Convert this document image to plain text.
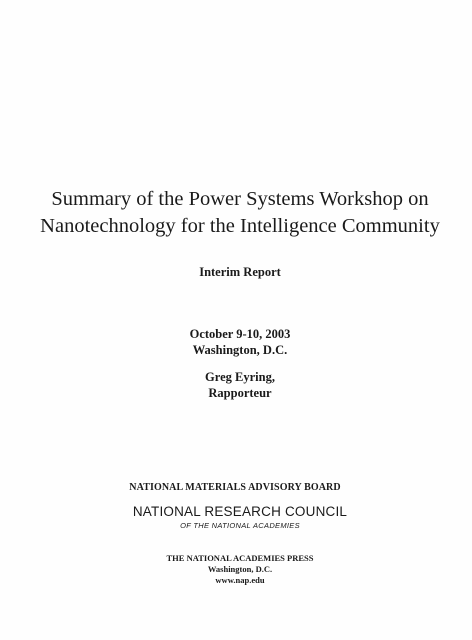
Summary of the Power Systems Workshop on
Nanotechnology for the Intelligence Community
Interim Report
October 9-10, 2003
Washington, D.C.
Greg Eyring,
Rapporteur
NATIONAL MATERIALS ADVISORY BOARD
NATIONAL RESEARCH COUNCIL
OF THE NATIONAL ACADEMIES
THE NATIONAL ACADEMIES PRESS
Washington, D.C.
www.nap.edu
